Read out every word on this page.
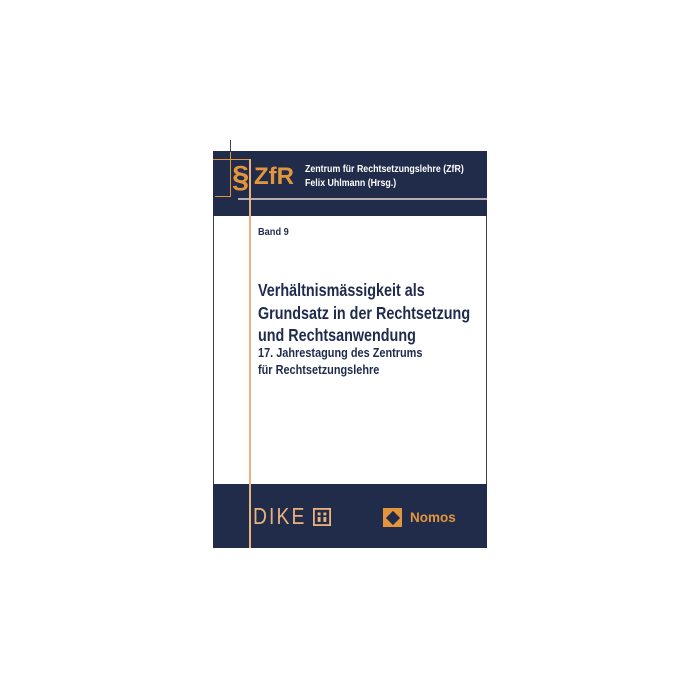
§ ZfR Zentrum für Rechtsetzungslehre (ZfR)
Felix Uhlmann (Hrsg.)
Band 9
Verhältnismässigkeit als
Grundsatz in der Rechtsetzung
und Rechtsanwendung
17. Jahrestagung des Zentrums
für Rechtsetzungslehre
DIKE	Nomos
